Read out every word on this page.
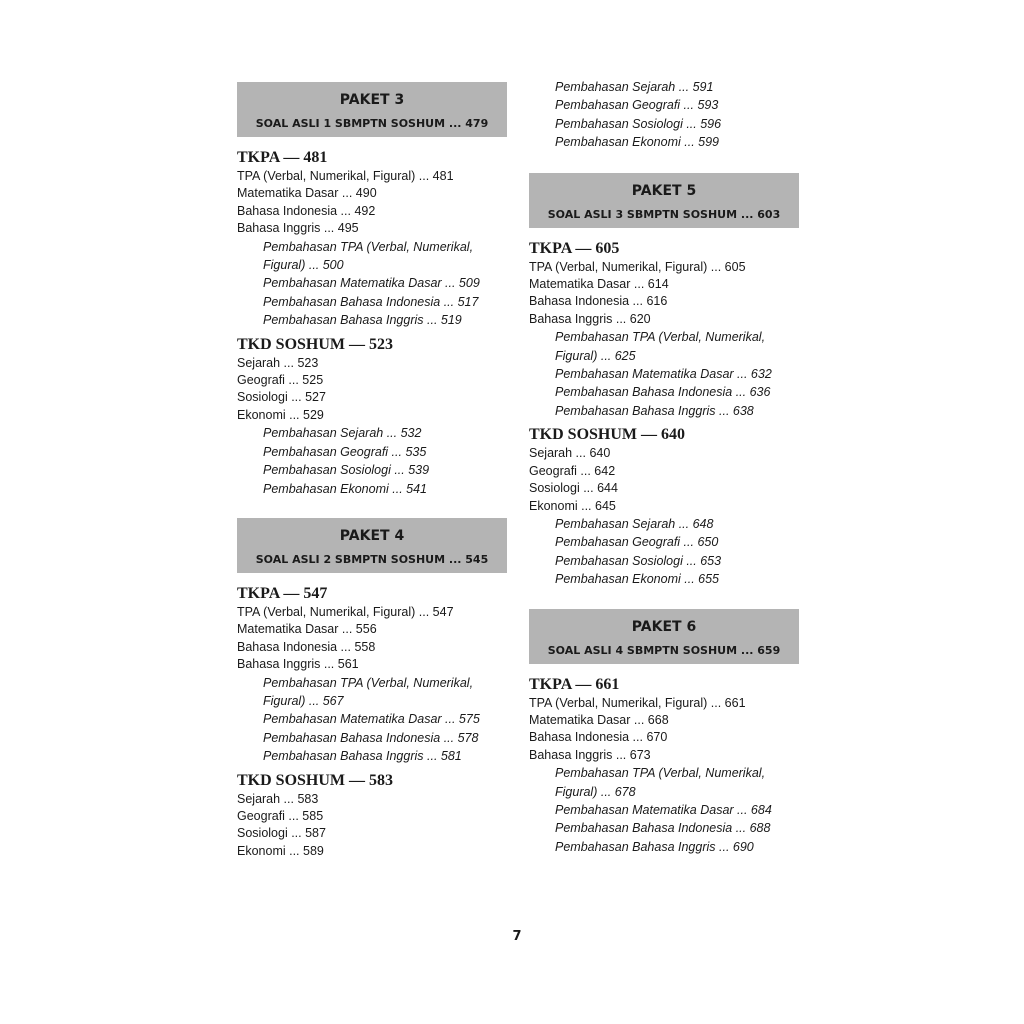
PAKET 3
SOAL ASLI 1 SBMPTN SOSHUM ... 479
TKPA — 481
TPA (Verbal, Numerikal, Figural) ... 481
Matematika Dasar ... 490
Bahasa Indonesia ... 492
Bahasa Inggris ... 495
Pembahasan TPA (Verbal, Numerikal, Figural) ... 500
Pembahasan Matematika Dasar ... 509
Pembahasan Bahasa Indonesia ... 517
Pembahasan Bahasa Inggris ... 519
TKD SOSHUM — 523
Sejarah ... 523
Geografi ... 525
Sosiologi ... 527
Ekonomi ... 529
Pembahasan Sejarah ... 532
Pembahasan Geografi ... 535
Pembahasan Sosiologi ... 539
Pembahasan Ekonomi ... 541
PAKET 4
SOAL ASLI 2 SBMPTN SOSHUM ... 545
TKPA — 547
TPA (Verbal, Numerikal, Figural) ... 547
Matematika Dasar ... 556
Bahasa Indonesia ... 558
Bahasa Inggris ... 561
Pembahasan TPA (Verbal, Numerikal, Figural) ... 567
Pembahasan Matematika Dasar ... 575
Pembahasan Bahasa Indonesia ... 578
Pembahasan Bahasa Inggris ... 581
TKD SOSHUM — 583
Sejarah ... 583
Geografi ... 585
Sosiologi ... 587
Ekonomi ... 589
Pembahasan Sejarah ... 591
Pembahasan Geografi ... 593
Pembahasan Sosiologi ... 596
Pembahasan Ekonomi ... 599
PAKET 5
SOAL ASLI 3 SBMPTN SOSHUM ... 603
TKPA — 605
TPA (Verbal, Numerikal, Figural) ... 605
Matematika Dasar ... 614
Bahasa Indonesia ... 616
Bahasa Inggris ... 620
Pembahasan TPA (Verbal, Numerikal, Figural) ... 625
Pembahasan Matematika Dasar ... 632
Pembahasan Bahasa Indonesia ... 636
Pembahasan Bahasa Inggris ... 638
TKD SOSHUM — 640
Sejarah ... 640
Geografi ... 642
Sosiologi ... 644
Ekonomi ... 645
Pembahasan Sejarah ... 648
Pembahasan Geografi ... 650
Pembahasan Sosiologi ... 653
Pembahasan Ekonomi ... 655
PAKET 6
SOAL ASLI 4 SBMPTN SOSHUM ... 659
TKPA — 661
TPA (Verbal, Numerikal, Figural) ... 661
Matematika Dasar ... 668
Bahasa Indonesia ... 670
Bahasa Inggris ... 673
Pembahasan TPA (Verbal, Numerikal, Figural) ... 678
Pembahasan Matematika Dasar ... 684
Pembahasan Bahasa Indonesia ... 688
Pembahasan Bahasa Inggris ... 690
7
